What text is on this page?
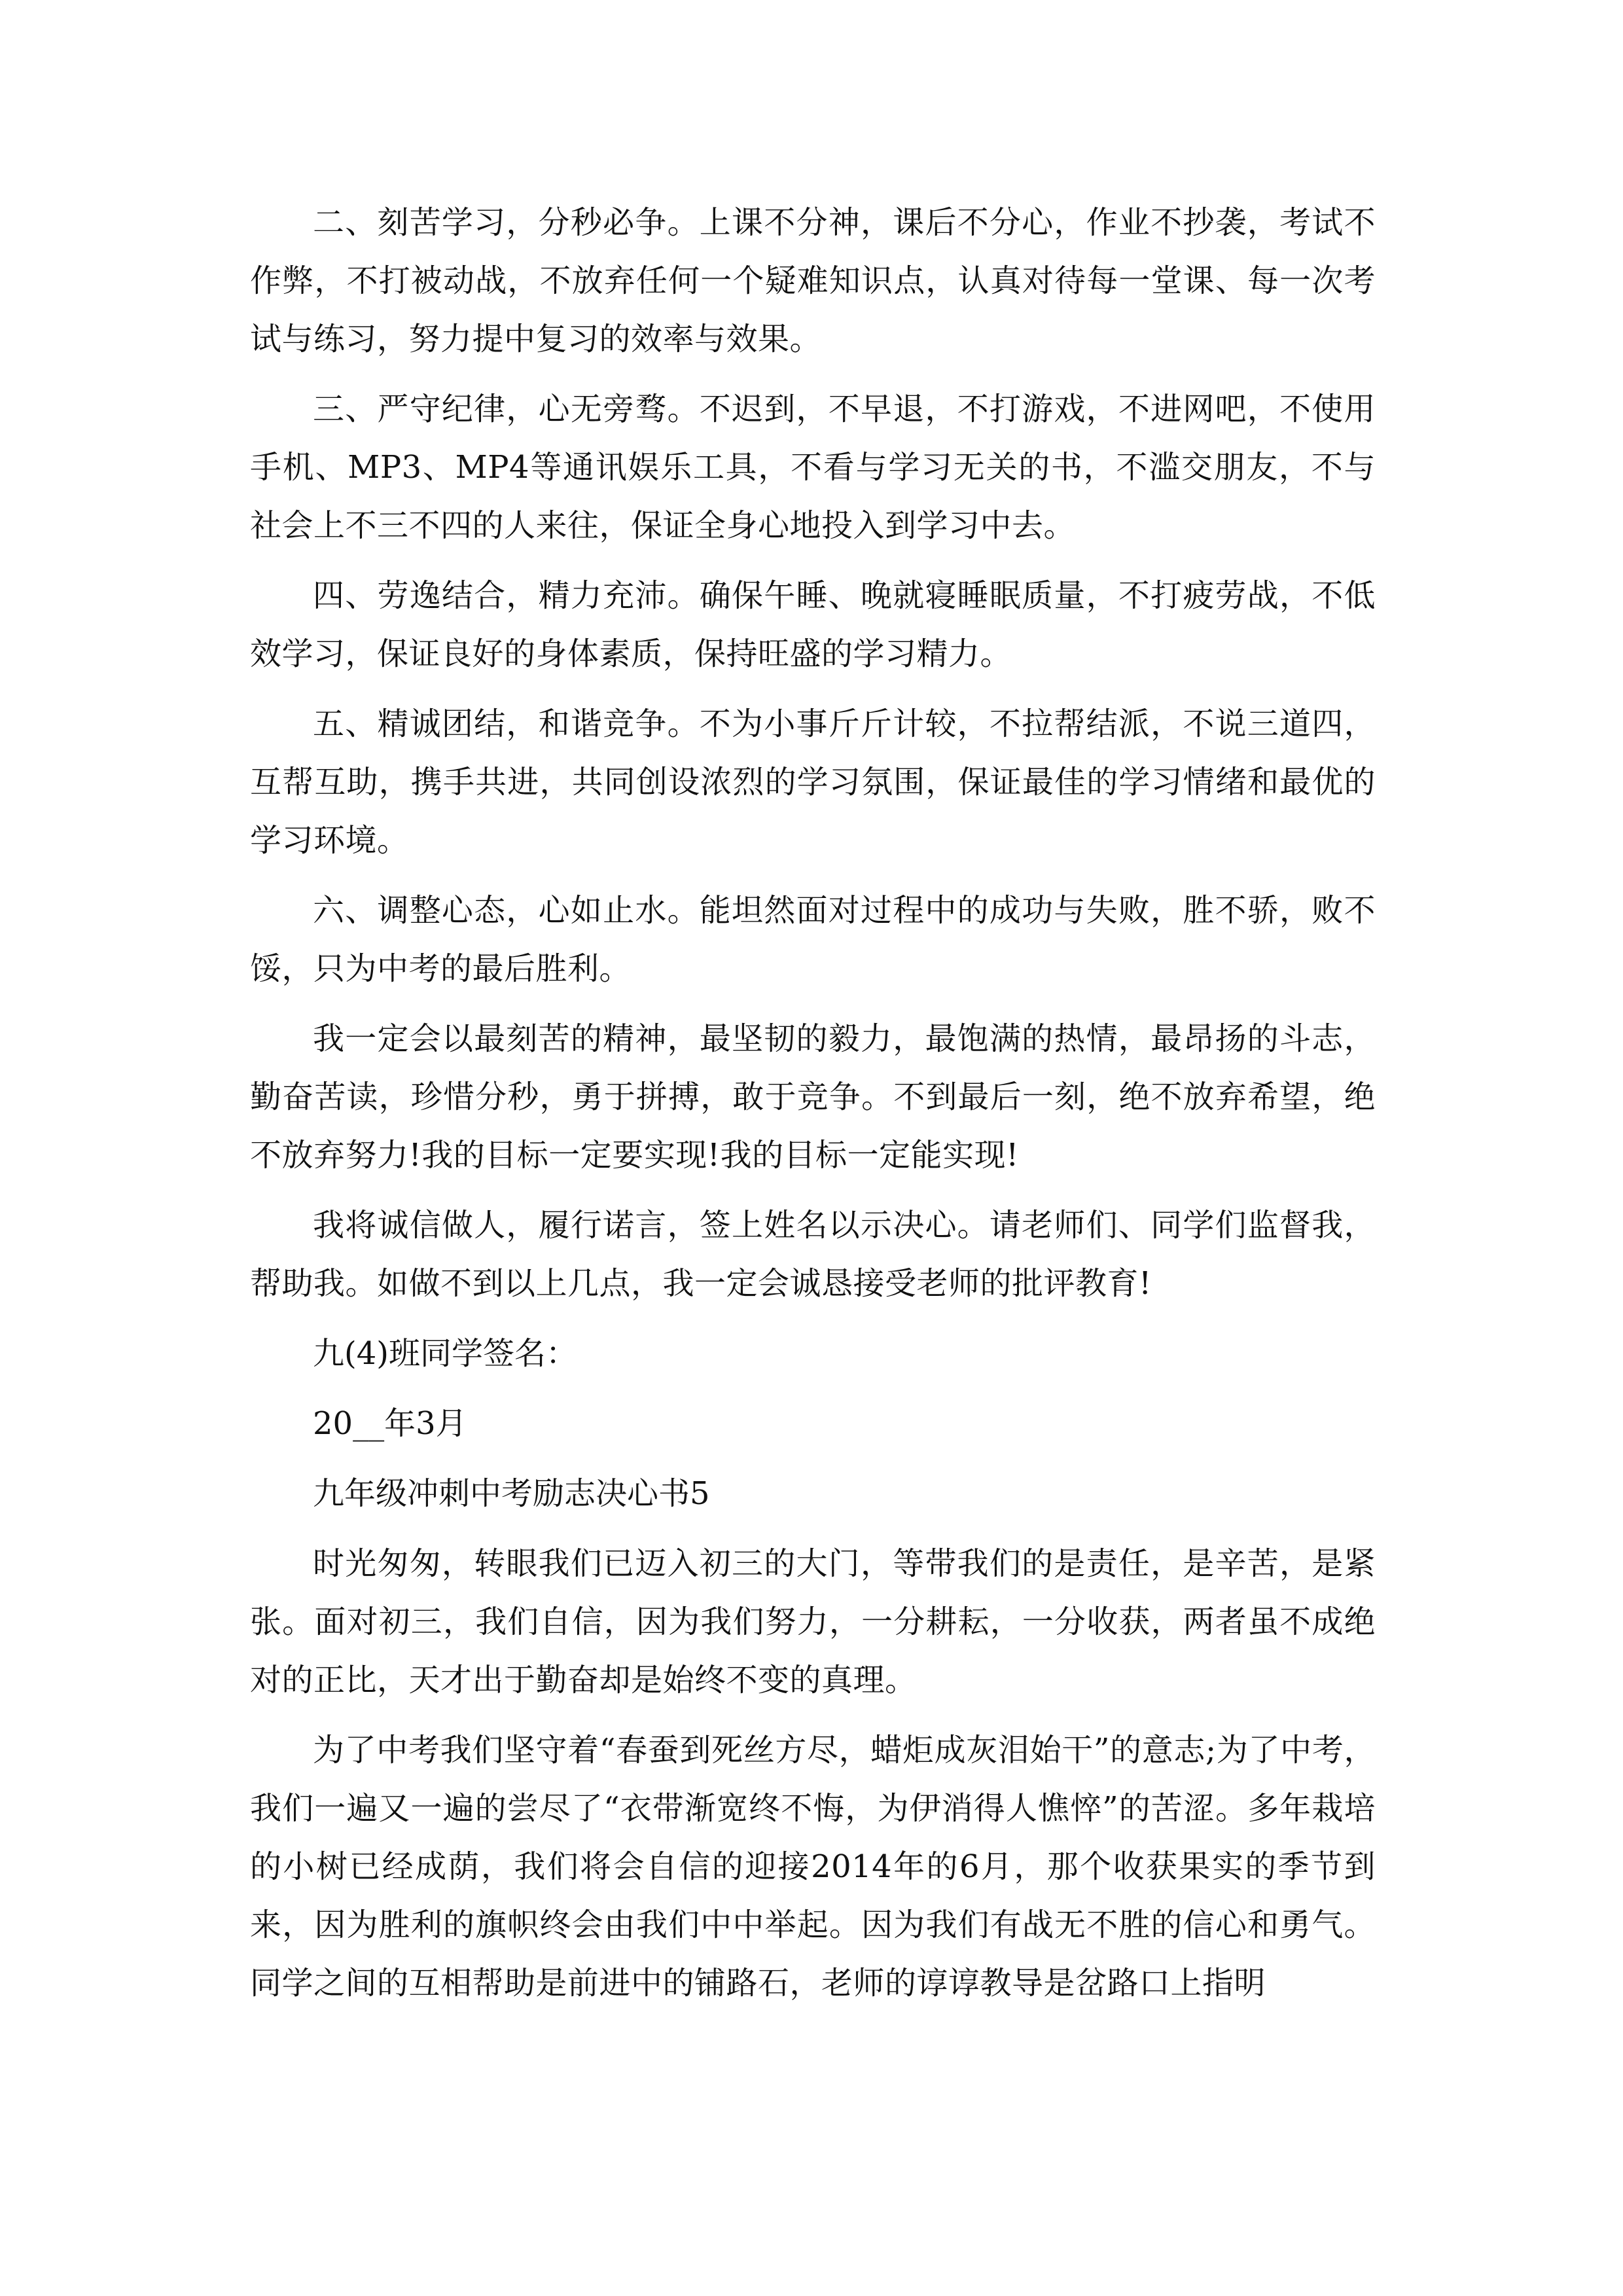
二、刻苦学习，分秒必争。上课不分神，课后不分心，作业不抄袭，考试不作弊，不打被动战，不放弃任何一个疑难知识点，认真对待每一堂课、每一次考试与练习，努力提中复习的效率与效果。

三、严守纪律，心无旁骛。不迟到，不早退，不打游戏，不进网吧，不使用手机、MP3、MP4等通讯娱乐工具，不看与学习无关的书，不滥交朋友，不与社会上不三不四的人来往，保证全身心地投入到学习中去。

四、劳逸结合，精力充沛。确保午睡、晚就寝睡眠质量，不打疲劳战，不低效学习，保证良好的身体素质，保持旺盛的学习精力。

五、精诚团结，和谐竞争。不为小事斤斤计较，不拉帮结派，不说三道四，互帮互助，携手共进，共同创设浓烈的学习氛围，保证最佳的学习情绪和最优的学习环境。

六、调整心态，心如止水。能坦然面对过程中的成功与失败，胜不骄，败不馁，只为中考的最后胜利。

我一定会以最刻苦的精神，最坚韧的毅力，最饱满的热情，最昂扬的斗志，勤奋苦读，珍惜分秒，勇于拼搏，敢于竞争。不到最后一刻，绝不放弃希望，绝不放弃努力!我的目标一定要实现!我的目标一定能实现!

我将诚信做人，履行诺言，签上姓名以示决心。请老师们、同学们监督我，帮助我。如做不到以上几点，我一定会诚恳接受老师的批评教育!

九(4)班同学签名：

20__年3月

九年级冲刺中考励志决心书5

时光匆匆，转眼我们已迈入初三的大门，等带我们的是责任，是辛苦，是紧张。面对初三，我们自信，因为我们努力，一分耕耘，一分收获，两者虽不成绝对的正比，天才出于勤奋却是始终不变的真理。

为了中考我们坚守着“春蚕到死丝方尽，蜡炬成灰泪始干”的意志;为了中考，我们一遍又一遍的尝尽了“衣带渐宽终不悔，为伊消得人憔悴”的苦涩。多年栽培的小树已经成荫，我们将会自信的迎接2014年的6月，那个收获果实的季节到来，因为胜利的旗帜终会由我们中中举起。因为我们有战无不胜的信心和勇气。同学之间的互相帮助是前进中的铺路石，老师的谆谆教导是岔路口上指明
